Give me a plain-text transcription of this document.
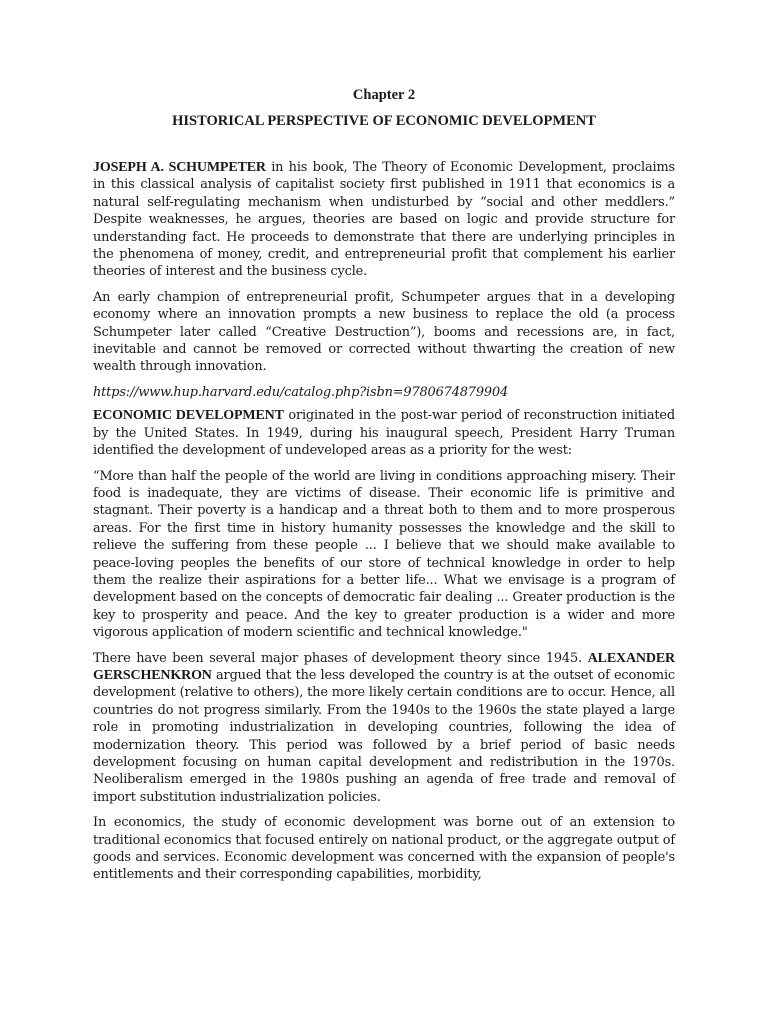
Chapter 2
HISTORICAL PERSPECTIVE OF ECONOMIC DEVELOPMENT

JOSEPH A. SCHUMPETER in his book, The Theory of Economic Development, proclaims in this classical analysis of capitalist society first published in 1911 that economics is a natural self-regulating mechanism when undisturbed by “social and other meddlers.” Despite weaknesses, he argues, theories are based on logic and provide structure for understanding fact. He proceeds to demonstrate that there are underlying principles in the phenomena of money, credit, and entrepreneurial profit that complement his earlier theories of interest and the business cycle.

An early champion of entrepreneurial profit, Schumpeter argues that in a developing economy where an innovation prompts a new business to replace the old (a process Schumpeter later called “Creative Destruction”), booms and recessions are, in fact, inevitable and cannot be removed or corrected without thwarting the creation of new wealth through innovation.

https://www.hup.harvard.edu/catalog.php?isbn=9780674879904

ECONOMIC DEVELOPMENT originated in the post-war period of reconstruction initiated by the United States. In 1949, during his inaugural speech, President Harry Truman identified the development of undeveloped areas as a priority for the west:

“More than half the people of the world are living in conditions approaching misery. Their food is inadequate, they are victims of disease. Their economic life is primitive and stagnant. Their poverty is a handicap and a threat both to them and to more prosperous areas. For the first time in history humanity possesses the knowledge and the skill to relieve the suffering from these people ... I believe that we should make available to peace-loving peoples the benefits of our store of technical knowledge in order to help them the realize their aspirations for a better life... What we envisage is a program of development based on the concepts of democratic fair dealing ... Greater production is the key to prosperity and peace. And the key to greater production is a wider and more vigorous application of modern scientific and technical knowledge."

There have been several major phases of development theory since 1945. ALEXANDER GERSCHENKRON argued that the less developed the country is at the outset of economic development (relative to others), the more likely certain conditions are to occur. Hence, all countries do not progress similarly. From the 1940s to the 1960s the state played a large role in promoting industrialization in developing countries, following the idea of modernization theory. This period was followed by a brief period of basic needs development focusing on human capital development and redistribution in the 1970s. Neoliberalism emerged in the 1980s pushing an agenda of free trade and removal of import substitution industrialization policies.

In economics, the study of economic development was borne out of an extension to traditional economics that focused entirely on national product, or the aggregate output of goods and services. Economic development was concerned with the expansion of people's entitlements and their corresponding capabilities, morbidity,
